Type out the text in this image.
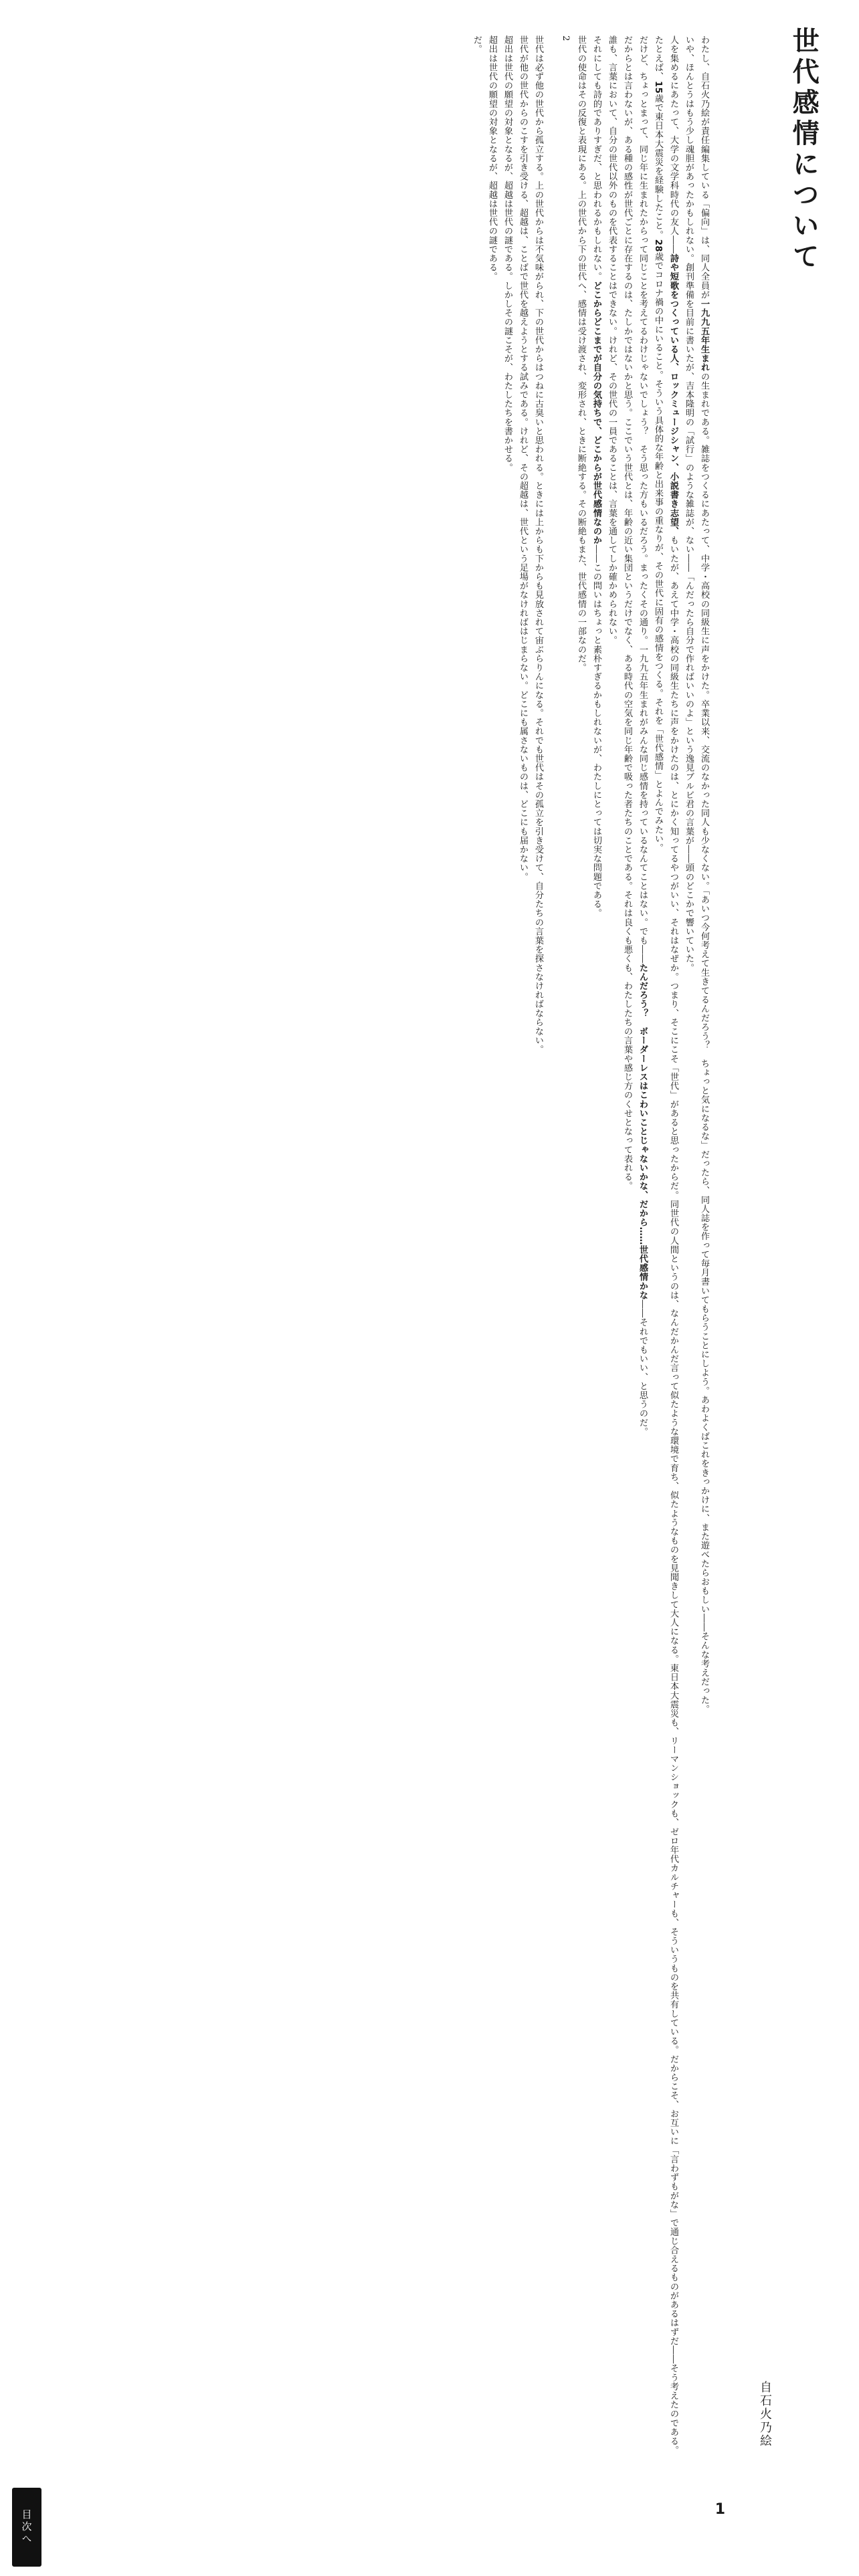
世代感情について

わたし、自石火乃絵が責任編集している「偏向」は、同人全員が一九九五年生まれの生まれである。雑誌をつくるにあたって、中学・高校の同級生に声をかけた。卒業以来、交流のなかった同人も少なくない。「あいつ今何考えて生きてるんだろう？　ちょっと気になるな」だったら、同人誌を作って毎月書いてもらうことにしよう。あわよくばこれをきっかけに、また遊べたらおもしい――そんな考えだった。

いや、ほんとうはもう少し魂胆があったかもしれない。創刊準備を目前に書いたが、吉本隆明の「試行」のような雑誌が、ない――「んだったら自分で作ればいいのよ」という逸見ブルビ君の言葉が――頭のどこかで響いていた。

人を集めるにあたって、大学の文学科時代の友人――詩や短歌をつくっている人、ロックミュージシャン、小説書き志望、もいたが、あえて中学・高校の同級生たちに声をかけたのは、とにかく知ってるやつがいい、それはなぜか。つまり、そこにこそ「世代」があると思ったからだ。同世代の人間というのは、なんだかんだ言って似たような環境で育ち、似たようなものを見聞きして大人になる。東日本大震災も、リーマンショックも、ゼロ年代カルチャーも、そういうものを共有している。だからこそ、お互いに「言わずもがな」で通じ合えるものがあるはずだ――そう考えたのである。

たとえば、15歳で東日本大震災を経験したこと。28歳でコロナ禍の中にいること。そういう具体的な年齢と出来事の重なりが、その世代に固有の感情をつくる。それを「世代感情」とよんでみたい。

だけど、ちょっとまって、同じ年に生まれたからって同じことを考えてるわけじゃないでしょう？　そう思った方もいるだろう。まったくその通り。一九九五年生まれがみんな同じ感情を持っているなんてことはない。でも――たんだろう？　ボーダーレスはこわいことじゃないかな、だから……世代感情かな――それでもいい、と思うのだ。

だからとは言わないが、ある種の感性が世代ごとに存在するのは、たしかではないかと思う。ここでいう世代とは、年齢の近い集団というだけでなく、ある時代の空気を同じ年齢で吸った者たちのことである。それは良くも悪くも、わたしたちの言葉や感じ方のくせとなって表れる。

誰も、言葉において、自分の世代以外のものを代表することはできない。けれど、その世代の一員であることは、言葉を通してしか確かめられない。

それにしても詩的でありすぎだ、と思われるかもしれない。どこからどこまでが自分の気持ちで、どこからが世代感情なのか――この問いはちょっと素朴すぎるかもしれないが、わたしにとっては切実な問題である。

世代の使命はその反復と表現にある。上の世代から下の世代へ、感情は受け渡され、変形され、ときに断絶する。その断絶もまた、世代感情の一部なのだ。

2

世代は必ず他の世代から孤立する。上の世代からは不気味がられ、下の世代からはつねに古臭いと思われる。ときには上からも下からも見放されて宙ぶらりんになる。それでも世代はその孤立を引き受けて、自分たちの言葉を探さなければならない。

世代が他の世代からのこすを引き受ける、超越は、ことばで世代を越えようとする試みである。けれど、その超越は、世代という足場がなければはじまらない。どこにも属さないものは、どこにも届かない。

超出は世代の願望の対象となるが、超越は世代の謎である。しかしその謎こそが、わたしたちを書かせる。

超出は世代の願望の対象となるが、超越は世代の謎である。

だ。

自石火乃絵
1
目次へ
